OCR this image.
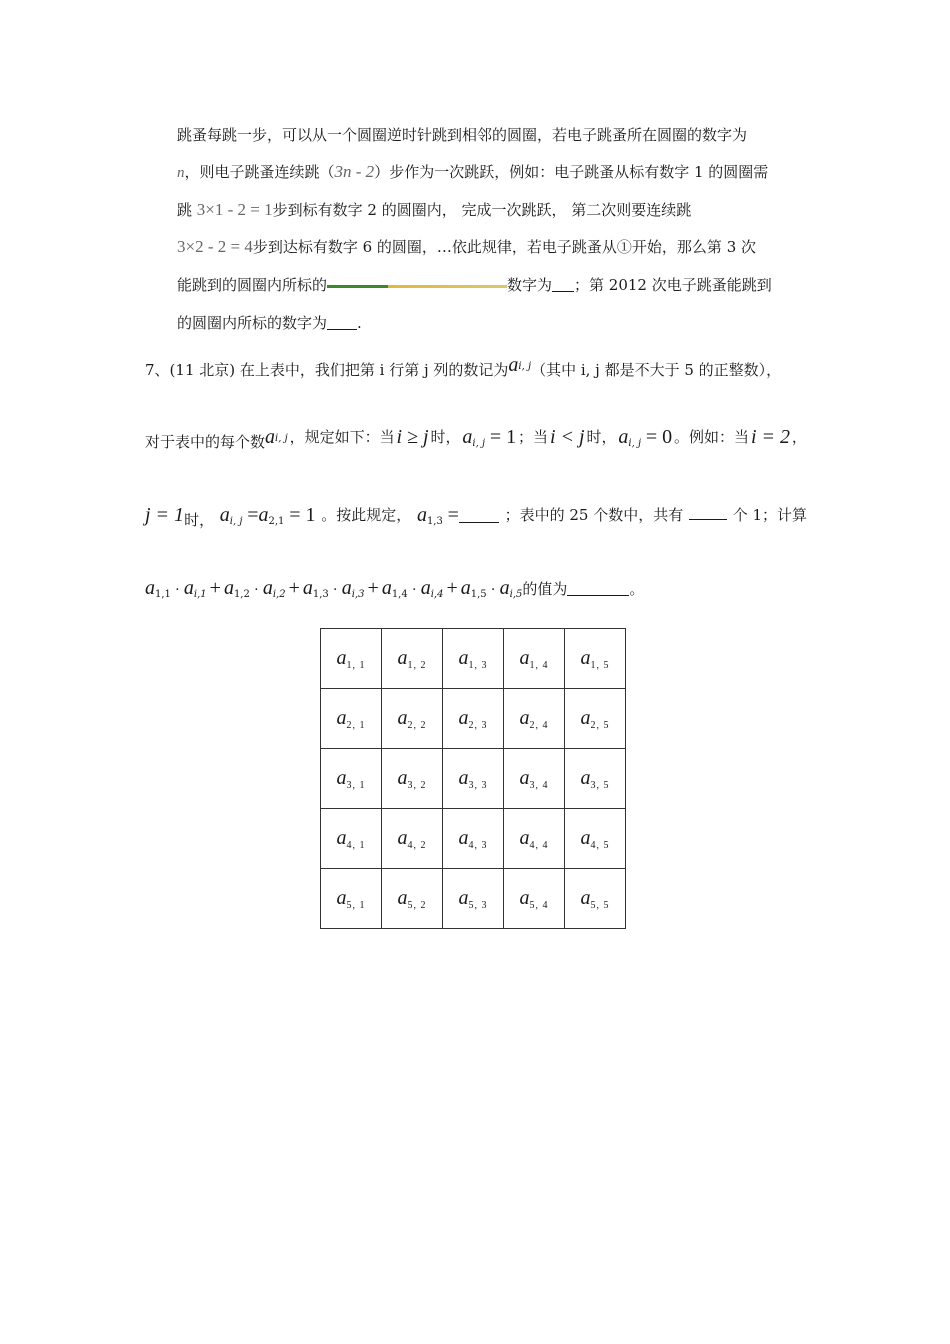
跳蚤每跳一步，可以从一个圆圈逆时针跳到相邻的圆圈，若电子跳蚤所在圆圈的数字为
n，则电子跳蚤连续跳（3n - 2）步作为一次跳跃，例如：电子跳蚤从标有数字 1 的圆圈需
跳 3×1 - 2 = 1步到标有数字 2 的圆圈内， 完成一次跳跃， 第二次则要连续跳
3×2 - 2 = 4步到达标有数字 6 的圆圈，…依此规律，若电子跳蚤从①开始，那么第 3 次
能跳到的圆圈内所标的	数字为 ；第 2012 次电子跳蚤能跳到
的圆圈内所标的数字为 .
7、(11 北京) 在上表中，我们把第 i 行第 j 列的数记为$a^{i, j}$（其中 i, j 都是不大于 5 的正整数），
对于表中的每个数$a^{i, j}$ ，规定如下：当 i ≥ j 时， $a_{i, j} = 1$ ；当 i < j 时， $a_{i, j} = 0$ 。例如：当 i = 2 ，
j = 1时， $a_{i, j} =a_{2,1} = 1$ 。按此规定， $a_{1,3}$ =	；表中的 25 个数中，共有	个 1；计算
$a_{1,1} \cdot a_{i,1} + a_{1,2} \cdot a_{i,2} + a_{1,3} \cdot a_{i,3} + a_{1,4} \cdot a_{i,4} + a_{1,5} \cdot a_{i,5}$的值为	。
$a_{1, 1}$	$a_{1, 2}$	$a_{1, 3}$	$a_{1, 4}$	$a_{1, 5}$
$a_{2, 1}$	$a_{2, 2}$	$a_{2, 3}$	$a_{2, 4}$	$a_{2, 5}$
$a_{3, 1}$	$a_{3, 2}$	$a_{3, 3}$	$a_{3, 4}$	$a_{3, 5}$
$a_{4, 1}$	$a_{4, 2}$	$a_{4, 3}$	$a_{4, 4}$	$a_{4, 5}$
$a_{5, 1}$	$a_{5, 2}$	$a_{5, 3}$	$a_{5, 4}$	$a_{5, 5}$
